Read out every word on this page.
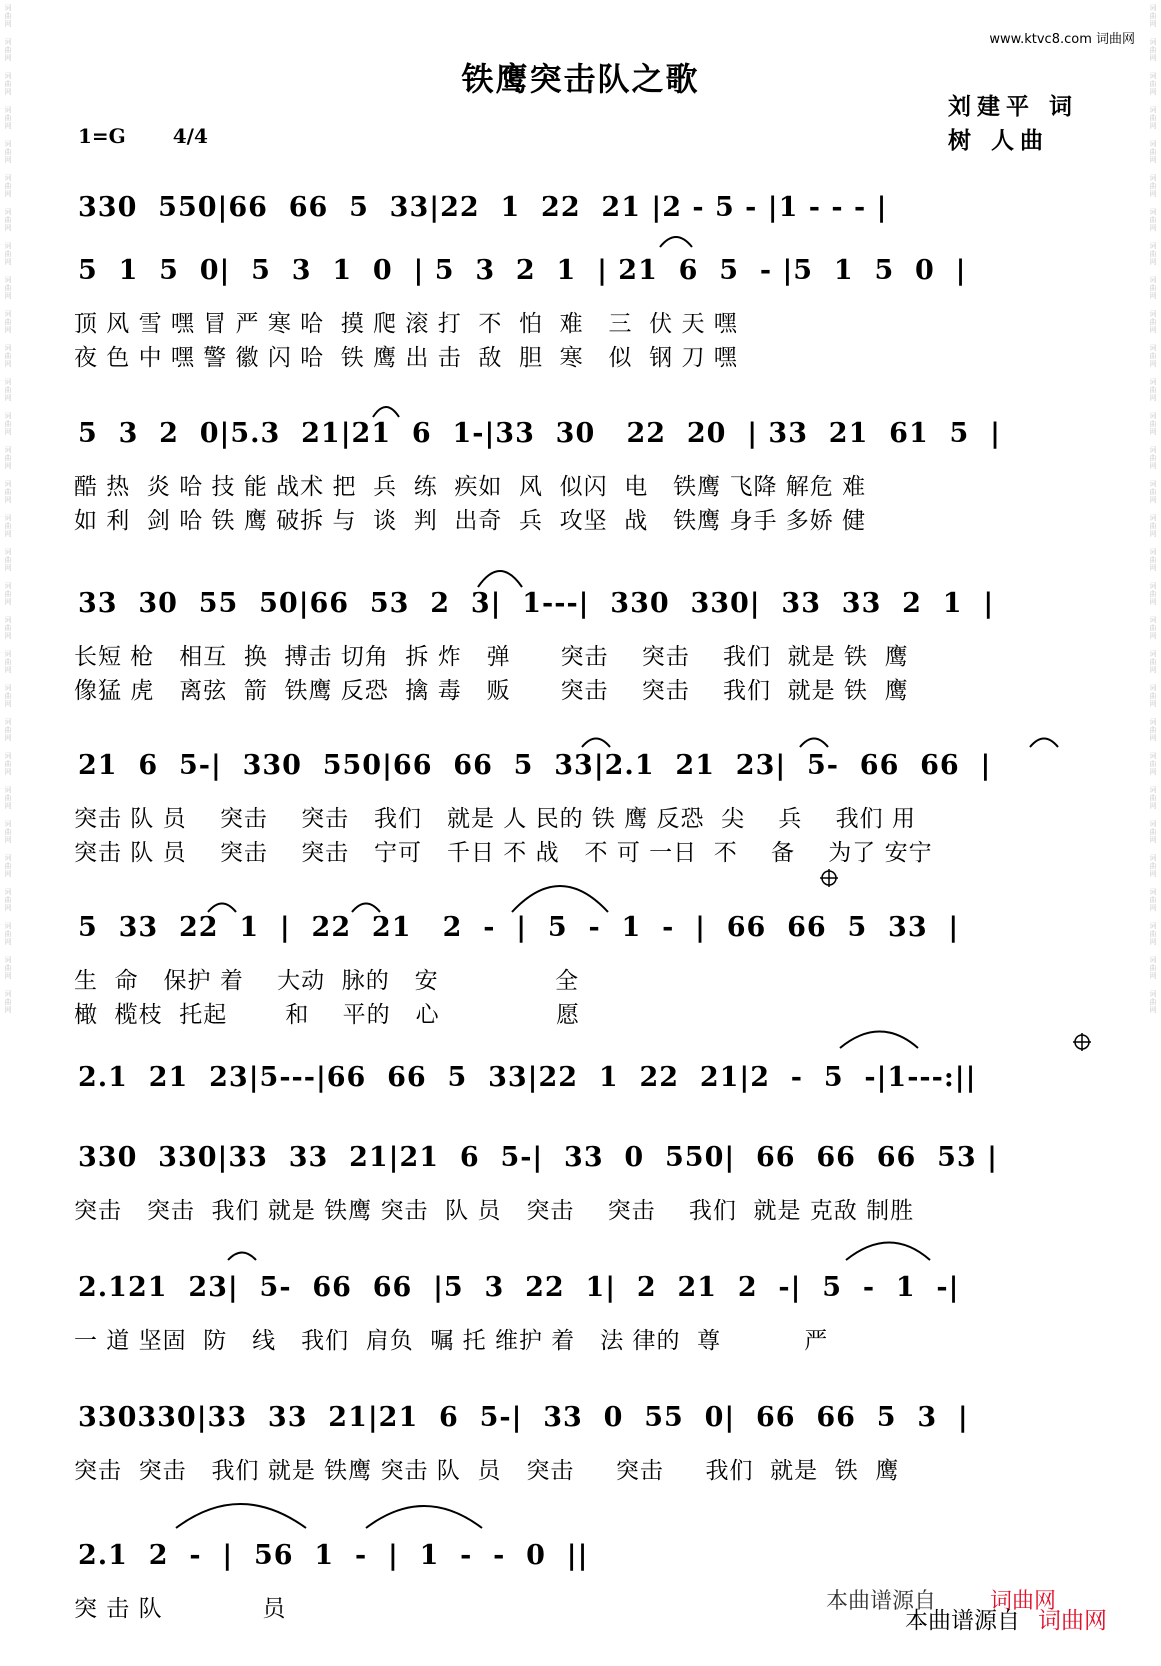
词曲网
词曲网
词曲网
词曲网
词曲网
词曲网
词曲网
词曲网
词曲网
词曲网
词曲网
词曲网
词曲网
词曲网
词曲网
词曲网
词曲网
词曲网
词曲网
词曲网
词曲网
词曲网
词曲网
词曲网
词曲网
词曲网
词曲网
词曲网
词曲网
词曲网
词曲网
词曲网
词曲网
词曲网
词曲网
词曲网
词曲网
词曲网
词曲网
词曲网
词曲网
词曲网
词曲网
词曲网
词曲网
词曲网
词曲网
词曲网
词曲网
词曲网
词曲网
词曲网
词曲网
词曲网
词曲网
词曲网
词曲网
词曲网
词曲网
词曲网
www.ktvc8.com 词曲网
铁鹰突击队之歌
刘建平 词
树 人曲
1=G 4/4
330  550|66  66  5  33|22  1  22  21 |2 - 5 - |1 - - - |
5  1  5  0|  5  3  1  0  | 5  3  2  1  | 21  6  5  - |5  1  5  0  |
顶 风 雪 嘿 冒 严 寒 哈  摸 爬 滚 打  不  怕  难   三  伏 天 嘿
夜 色 中 嘿 警 徽 闪 哈  铁 鹰 出 击  敌  胆  寒   似  钢 刀 嘿
5  3  2  0|5.3  21|21  6  1-|33  30   22  20  | 33  21  61  5  |
酷 热  炎 哈 技 能 战术 把  兵  练  疾如  风  似闪  电   铁鹰 飞降 解危 难
如 利  剑 哈 铁 鹰 破拆 与  谈  判  出奇  兵  攻坚  战   铁鹰 身手 多娇 健
33  30  55  50|66  53  2  3|  1---|  330  330|  33  33  2  1  |
长短 枪   相互  换  搏击 切角  拆 炸   弹      突击    突击    我们  就是 铁  鹰
像猛 虎   离弦  箭  铁鹰 反恐  擒 毒   贩      突击    突击    我们  就是 铁  鹰
21  6  5-|  330  550|66  66  5  33|2.1  21  23|  5-  66  66  |
突击 队 员    突击    突击   我们   就是 人 民的 铁 鹰 反恐  尖    兵    我们 用
突击 队 员    突击    突击   宁可   千日 不 战   不 可 一日  不    备    为了 安宁
5  33  22  1  |  22  21   2  -  |  5  -  1  -  |  66  66  5  33  |
生  命   保护 着    大动  脉的   安              全
橄  榄枝  托起       和    平的   心              愿
2.1  21  23|5---|66  66  5  33|22  1  22  21|2  -  5  -|1---:||
330  330|33  33  21|21  6  5-|  33  0  550|  66  66  66  53 |
突击   突击  我们 就是 铁鹰 突击  队 员   突击    突击    我们  就是 克敌 制胜
2.121  23|  5-  66  66  |5  3  22  1|  2  21  2  -|  5  -  1  -|
一 道 坚固  防   线   我们  肩负  嘱 托 维护 着   法 律的  尊          严
330330|33  33  21|21  6  5-|  33  0  55  0|  66  66  5  3  |
突击  突击   我们 就是 铁鹰 突击 队  员   突击     突击     我们  就是  铁  鹰
2.1  2  -  |  56  1  -  |  1  -  -  0  ||
突 击 队            员	本曲谱源自 词曲网
本曲谱源自 词曲网
